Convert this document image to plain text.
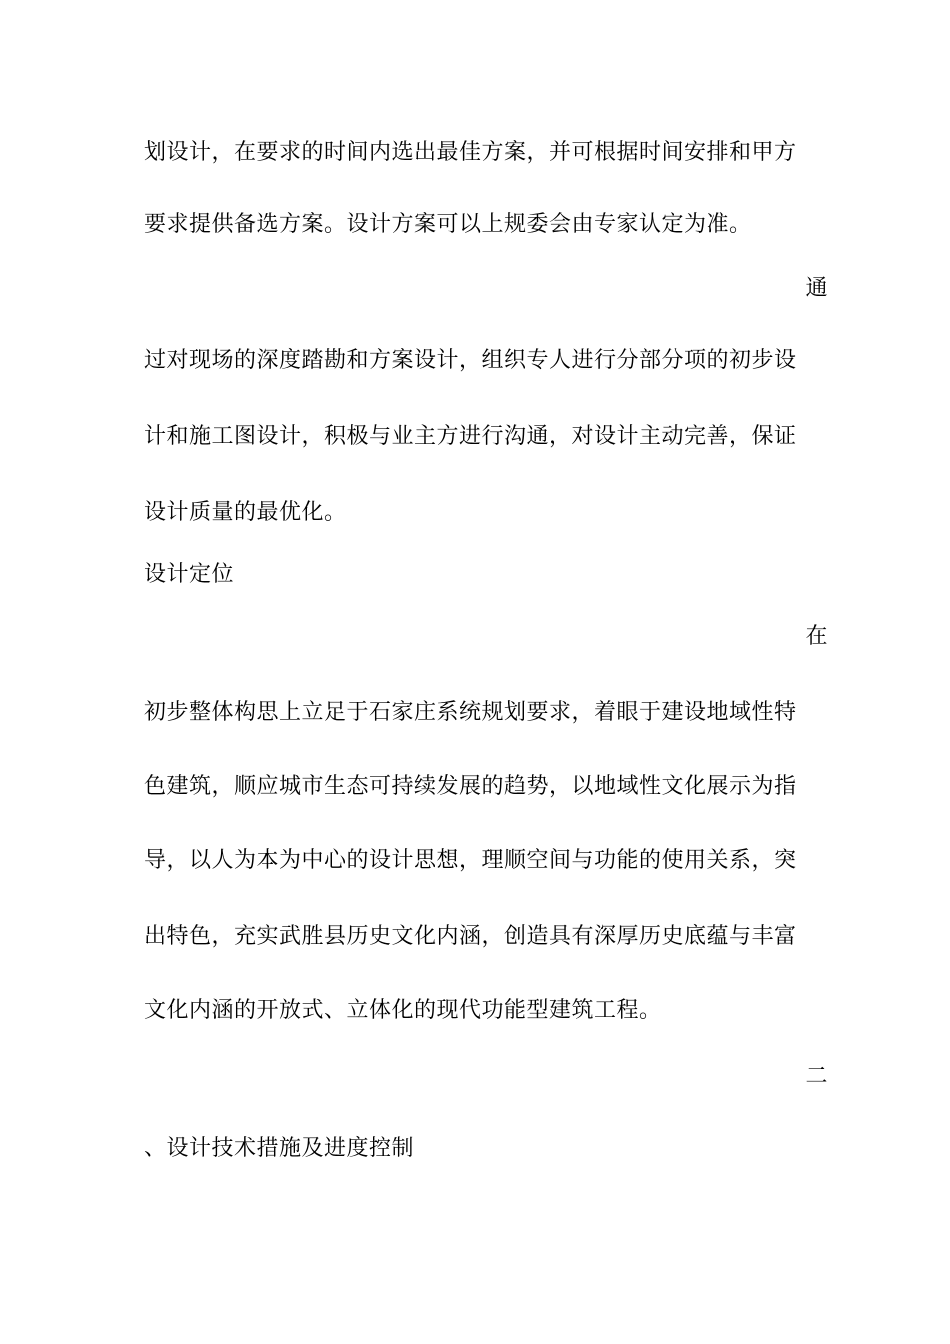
划设计，在要求的时间内选出最佳方案，并可根据时间安排和甲方
要求提供备选方案。设计方案可以上规委会由专家认定为准。
通
过对现场的深度踏勘和方案设计，组织专人进行分部分项的初步设
计和施工图设计，积极与业主方进行沟通，对设计主动完善，保证
设计质量的最优化。
设计定位
在
初步整体构思上立足于石家庄系统规划要求，着眼于建设地域性特
色建筑，顺应城市生态可持续发展的趋势，以地域性文化展示为指
导，以人为本为中心的设计思想，理顺空间与功能的使用关系，突
出特色，充实武胜县历史文化内涵，创造具有深厚历史底蕴与丰富
文化内涵的开放式、立体化的现代功能型建筑工程。
二
、设计技术措施及进度控制
